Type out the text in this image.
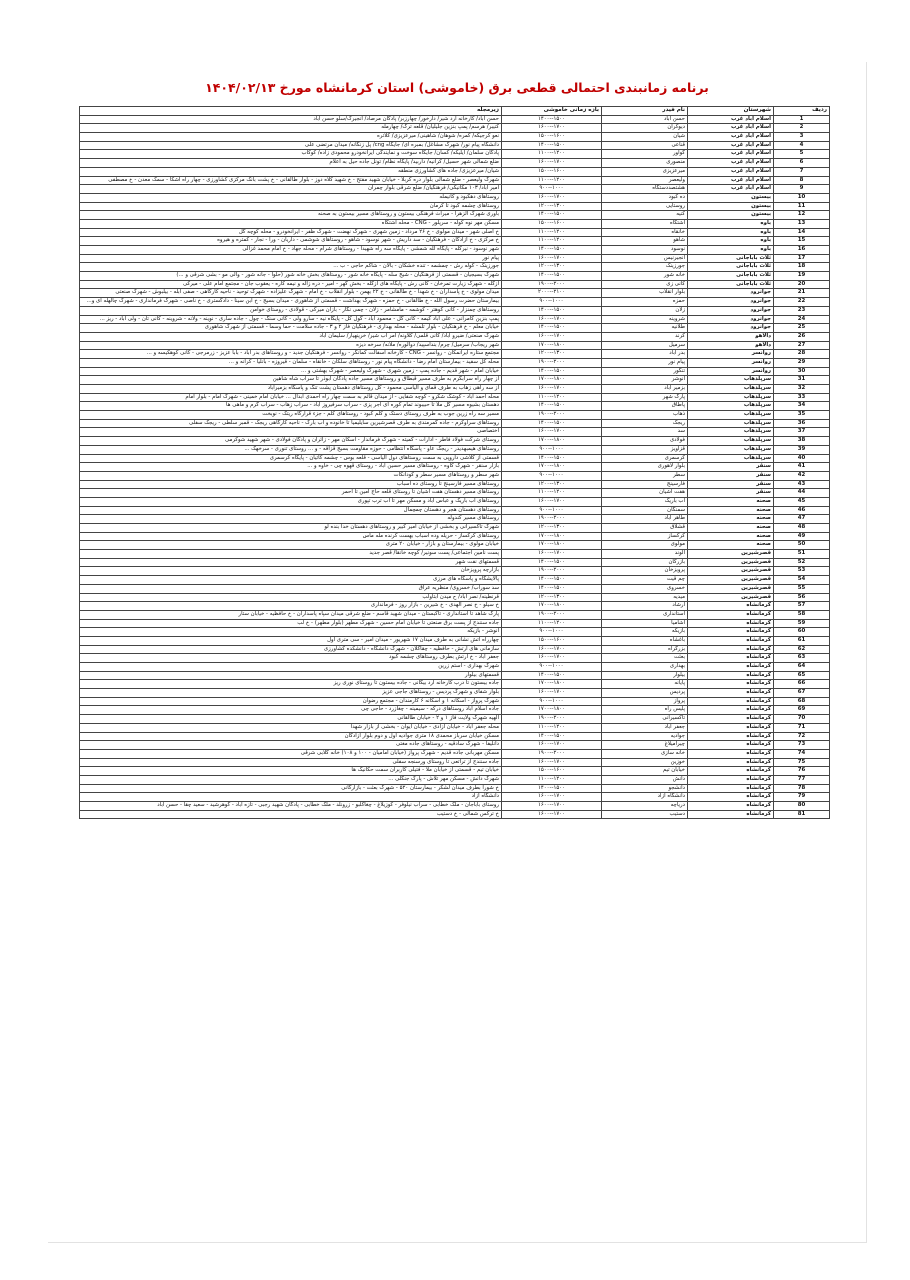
برنامه زمانبندی احتمالی قطعی برق (خاموشی) استان کرمانشاه مورخ ۱۴۰۴/۰۲/۱۳
ردیف	شهرستان	نام فیدر	بازه زمانی خاموشی	زیرمجله
1	اسلام آباد غرب	حسن آباد	۱۴۰۰--۱۵۰۰	حسن آباد/ کارخانه آرد شیر/ دارخور/ چهارزبر/ پادگان مرصاد/ انجیرک/سلو حسن آباد
2	اسلام آباد غرب	دیوکران	۱۶۰۰--۱۷۰۰	کنیبر/ هرسم/ پمپ بنزین جلیلیان/ قلعه ترک/ چهارمله
3	اسلام آباد غرب	شیان	۱۵۰۰--۱۶۰۰	نعو کرجیکه/ کمره/ شوهان/ شاهینی/ میرعزیزی/ کلاتره
4	اسلام آباد غرب	قناعی	۱۴۰۰--۱۵۰۰	دانشگاه پیام نور/ شهرک مشاغل/ بمبره ای/ جایگاه cng/ پل زنگانه/ میدان مرتضی علی
5	اسلام آباد غرب	گواور	۱۱۰۰--۱۲۰۰	پادگان سلمان/ ایلیکه/ کسان/ جایگاه سوخت و نمایندگی ایرانخودرو محمودی زاده/ کوکاب
6	اسلام آباد غرب	منصوری	۱۶۰۰--۱۷۰۰	ضلع شمالی شهر حسیل/ کرانیه/ داربید/ پایگاه نظام/ تونل جاده حیل به اعلام
7	اسلام آباد غرب	میرعزیزی	۱۵۰۰--۱۶۰۰	شیان/ میرعزیزی/ جاده های کشاورزی منطقه
8	اسلام آباد غرب	ولیعصر	۱۱۰۰--۱۲۰۰	شهرک ولیعصر - ضلع شمالی بلوار دره کربلا - خیابان شهید مفتح - خ شهید کلاه دوز - بلوار طالقانی - خ پشت بانک مرکزی کشاورزی - چهار راه اشکا - سمک معدن - خ مصطفی
9	اسلام آباد غرب	هشتصددستگاه	۹۰۰--۱۰۰۰	امیر آباد/ ۱۰۳ مکانیکی/ فرهنگیان/ ضلع شرقی بلوار چمران
10	بیستون	ده کبود	۱۶۰۰--۱۷۰۰	روستاهای دهکبود و کانیمله
11	بیستون	روستایی	۱۲۰۰--۱۳۰۰	روستاهای چشمه کبود تا کرمان
12	بیستون	کنیه	۱۴۰۰--۱۵۰۰	باوری شهرک الزهرا - میراث فرهنگی بیستون و روستاهای مسیر بیستون به صحنه
13	باوه	آشتگاه	۱۵۰۰--۱۶۰۰	مسکن مهر نوه کوله - سرپلور - CNG - محله آشتگاه
14	باوه	خانقاه	۱۱۰۰--۱۲۰۰	خ اصلی شهر - میدان مولوی - خ ۲۶ مرداد - زمین شهری - شهرک نهضت - شهرک ظفر - ایرانخودرو - محله کوچه گل
15	باوه	شاهو	۱۱۰۰--۱۲۰۰	خ مرکزی - خ آزادگان - فرهنگیان - سد داریش - شهر نوسود - شاهو - روستاهای شوشمی - داریان - ورا - نجار - کمتره و هیروه
16	باوه	نوسود	۱۴۰۰--۱۵۰۰	شهر نوسود - نیرکله - پایگاه لله شمشی - پایگاه سه راه شهیدا - روستاهای شرام - محله جهاد - خ امام محمد غزالی
17	ثلاث باباجانی	انجیرنیس	۱۶۰۰--۱۷۰۰	پیام نور
18	ثلاث باباجانی	جورزینک	۱۲۰۰--۱۳۰۰	جورزینک - کوله رش - چمشمه - تنده خشکان - بالان - شاکم حاجی - ب ...
19	ثلاث باباجانی	خانه شور	۱۴۰۰--۱۵۰۰	شهرک بسیجیان - قسمتی از فرهنگیان - شیخ سله - پایگاه خانه شور - روستاهای بخش خانه شور (حلوا - جانه شور - والی مو - بشی شرقی و ...)
20	ثلاث باباجانی	کانی زی	۱۹۰۰--۲۰۰۰	ازگله - شهرک زیارت تمرخان - کانی رش - پایگاه های ازگله - بخش گهر - امیر - دره زاله و نیمه کاره - یعقوب جان - مجتمع امام علی - میرکی
21	جوانرود	بلوار انقلاب	۲۰۰۰--۲۱۰۰	میدان مولوی - خ پاسداران - خ شهدا - خ طالقانی - خ ۲۲ بهمن - بلوار انقلاب - خ امام - شهرک علیزاده - شهرک توحید - ناحیه کارگاهی - صفی ابله - بیلبوش - شهرک صنعتی
22	جوانرود	حمزه	۹۰۰--۱۰۰۰	بیمارستان حضرت رسول الله - خ طالقانی - خ حمزه - شهرک بهداشت - قسمتی از شاهوری - میدان بسیج - خ ابن سینا - دادگستری - خ ناصی - شهرک فرمانداری - شهرک چالهله ای و...
23	جوانرود	زلان	۱۴۰۰--۱۵۰۰	روستاهای چمنزار - کانی کوهتر - کوشمه - مامشامر - زلان - چمی نگار - بازان میرکی - قولادی - روستای خوامن
24	جوانرود	شروینه	۱۶۰۰--۱۷۰۰	پمپ بنزین کامرانی - علی آباد کیمه - کانی گل - محمود آباد - گول کل - پایگاه نیه - سارو ولی - کانی سنگ - چول - جاده ساری - نوینه - ولانه - شروینه - کانی تان - ولی آباد - ریز ...
25	جوانرود	طلانیه	۱۴۰۰--۱۵۰۰	خیابان معلم - خ فرهنگیان - بلوار تلمشه - محله بهداری - فرهنگیان فاز ۲ و ۳ - جاده سلامت - حما وسما - قسمتی از شهرک شاهوری
26	دالاهو	کرند	۱۶۰۰--۱۷۰۰	شهرک صنعتی/ ضیرو آباد/ کانی قلمی/ کلاونه/ امر آب شیر/ خرینهیار/ سلیمان آباد
27	دالاهو	سرمیل	۱۷۰۰--۱۸۰۰	شهر ریجاب/ سرمیل/ چرم/ بنداسپید/ دوالوره/ ملانه/ سرخه دیزه
28	روانسر	بدر آباد	۱۲۰۰--۱۳۰۰	مجتمع ستاره ایرانمکان - روانسر - CNG - کارخانه آسفالت کمانگر - روانسر - فرهنگیان جدید - و روستاهای بدر آباد - بابا عزیز - زرمرجی - کانی کوهکیسه و ...
29	روانسر	پیام نور	۱۹۰۰--۲۰۰۰	محله کل سفید - بیمارستان امام رضا - دانشگاه پیام نور - روستاهای سلکان - خانقاه - سلمان - قیروزه - بانلیا - کرانه و ...
30	روانسر	تنگور	۱۴۰۰--۱۵۰۰	خیابان امام - شهر قدیم - جاده پمپ - زمین شهری - شهرک ولیعصر - شهرک بهشتی و ...
31	سرپلذهاب	انوشر	۱۷۰۰--۱۸۰۰	از چهار راه سرابگرم به طرف مسیر قبطاق و روستاهای مسیر جاده پادگان ابوذر تا سراب شاه شاهین
32	سرپلذهاب	بزمیر آباد	۱۶۰۰--۱۷۰۰	از سه راهی زهاب به طرف قمای و الیاسی محمود - کل روستاهای دهستان پشت تنگ و پاسگاه بزمیرآباد
33	سرپلذهاب	پارک شهر	۱۱۰۰--۱۲۰۰	محله احمد آباد - کوشک شکرو - کوچه شفایی - از میدان قائم به سمت چهار راه احمدی ابدال ... خیابان امام خمینی - شهرک امام - بلوار امام
34	سرپلذهاب	پاطاق	۱۴۰۰--۱۵۰۰	دهستان بشیوه مسیر گل ملا تا حبیبوند تمام کوره ای آجر پزی - سراب سرفیروز آباد - سراب زهاب - سراب گرم و ماهی ها
35	سرپلذهاب	ذهاب	۱۹۰۰--۲۰۰۰	مسیر سه راه زرین جوب به طرف روستای دستک و کلم کبود - روستاهای کلم - جزء قرارگاه ریتک - نوبخت
36	سرپلذهاب	ریجک	۱۴۰۰--۱۵۰۰	روستاهای سراوکرم - جاده گمرمندی به طرف قصرشیرین سایلیمیا تا خانوده و آب بارک - ناحیه کارگاهی ریجک - قمبر سلطی - ریجک سفلی
37	سرپلذهاب	سد	۱۶۰۰--۱۷۰۰	اختصاصی
38	سرپلذهاب	فولادی	۱۷۰۰--۱۸۰۰	روستای شرکت فولاد فاطر - ادارات - کمیته - شهرک فرماندار - اسکان مهر - زائران و پادگان فولادی - شهر شهید شوکرمی
39	سرپلذهاب	قزاویز	۹۰۰--۱۰۰۰	روستاهای هیمبهدیدر - ریجک عاو - پاسگاه انتظامی - حوزه مقاومت بسیج قزاقه - و ... روستای تنوری - سرخهک ...
40	سرپلذهاب	کرسمری	۱۴۰۰--۱۵۰۰	قسمتی از کلاشی داروپی به سمت روستاهای دول الیاسی - قلعه بوس - چشمه کاتیان - پایگاه کرسمری
41	سنقر	بلوار لاهوری	۱۷۰۰--۱۸۰۰	بازار سنقر - شهرک کاوه - روستاهای مسیر حسین آباد - روستای قهوه چی - خاوه و ...
42	سنقر	سطر	۹۰۰--۱۰۰۰	شهر سطر و روستاهای مسیر سطر و کودانکات
43	سنقر	فارسینج	۱۲۰۰--۱۳۰۰	روستاهای مسیر فارسینج تا روستای ده اسباب
44	سنقر	هفت آشیان	۱۱۰۰--۱۲۰۰	روستاهای مسیر دهستان هفت اشیان تا روستای قلعه حاج امین تا احمر
45	صحنه	آب باریک	۱۶۰۰--۱۷۰۰	روستاهای آب باریک و عباس آباد و مسکن مهر تا اب ترب تپوری
46	صحنه	سمنگان	۹۰۰--۱۰۰۰	روستاهای دهستان هجر و دهستان چمچمال
47	صحنه	طاهر آباد	۱۹۰۰--۲۰۰۰	روستاهای مسیر کندوله
48	صحنه	قشلاق	۱۲۰۰--۱۳۰۰	شهرک تاکسیرانی و بخشی از خیابان امیر کبیر و روستاهای دهستان خدا بنده لو
49	صحنه	کرکساز	۱۷۰۰--۱۸۰۰	روستاهای کرکساز - حریله وده اسباب بهست کرنده مله ماس
50	صحنه	مولوی	۱۷۰۰--۱۸۰۰	خیابان مولوی - بیمارستان و بازار - خیابان ۲۰ متری
51	قصرشیرین	الوند	۱۶۰۰--۱۷۰۰	پست نامین اجتماعی/ پست سونیر/ کوچه خانقا/ قصر جدید
52	قصرشیرین	بازرگان	۱۴۰۰--۱۵۰۰	قسمتهای نفت شهر
53	قصرشیرین	پرویزخان	۱۹۰۰--۲۰۰۰	بازارچه پرویزخان
54	قصرشیرین	چم قیت	۱۴۰۰--۱۵۰۰	پالایشگاه و پاسگاه های مرزی
55	قصرشیرین	خسروی	۱۴۰۰--۱۵۰۰	سد سوراب/ خسروی/ منظریه عراق
56	قصرشیرین	میدیه	۱۲۰۰--۱۳۰۰	قرنطینه/ نصر آباد/ ح میدن آبتاولب
57	کرمانشاه	ارشاد	۱۷۰۰--۱۸۰۰	خ سیلو - خ نصر الهدی - خ شیرین - بازار روز - فرمانداری
58	کرمانشاه	استانداری	۱۹۰۰--۲۰۰۰	پارک شاهد تا استانداری - تاکبستان - میدان شهید قاسم - ضلع شرقی میدان سپاه پاسداران - خ حافظیه - خیابان ستار
59	کرمانشاه	آشامیا	۱۱۰۰--۱۲۰۰	جاده سنندج از پست برق صنعتی تا خیابان امام حسین - شهرک مطهر (بلوار مطهر) - خ لب
60	کرمانشاه	بازیکه	۹۰۰--۱۰۰۰	انوشر - بازیکه
61	کرمانشاه	باغشاه	۱۵۰۰--۱۶۰۰	چهارراه آتش نشانی به طرف میدان ۱۷ شهریور - میدان امیر - سی متری اول
62	کرمانشاه	بزرگراه	۱۶۰۰--۱۷۰۰	سازمانی های ارتش - حافظیه - چقاکلان - شهرک دانشگاه - دانشکده کشاورزی
63	کرمانشاه	بعثت	۱۶۰۰--۱۷۰۰	جعفر آباد - خ ارتش بطرف روستاهای چشمه کبود
64	کرمانشاه	بهداری	۹۰۰--۱۰۰۰	شهرک بهداری - آستم زرین
65	کرمانشاه	بیلوار	۱۴۰۰--۱۵۰۰	قسمتهای بیلوار
66	کرمانشاه	پایانه	۱۷۰۰--۱۸۰۰	جاده بیستون تا درب کارخانه آرد بیگانی - جاده بیستون تا روستای نوری ریز
67	کرمانشاه	پردیس	۱۶۰۰--۱۷۰۰	بلوار شفای و شهرک پردیس - روستاهای جاجی عزیز
68	کرمانشاه	پرواز	۹۰۰--۱۰۰۰	شهرک پرواز - اسکانه ۱ و اسکانه ۶ کارمندان - مجتمع رضوان
69	کرمانشاه	پلیس راه	۱۷۰۰--۱۸۰۰	جاده اسلام آباد روستاهای درکه - سیمینه - چغازرد - حاجی چی
70	کرمانشاه	تاکسیرانی	۱۹۰۰--۲۰۰۰	الهیه شهرک ولایت فاز ۱ و ۲ - خیابان طالقانی
71	کرمانشاه	جعفر آباد	۱۱۰۰--۱۲۰۰	محله جعفر آباد - خیابان آزادی - خیابان ایوان - بخشی از بازار شهدا
72	کرمانشاه	جوادیه	۱۴۰۰--۱۵۰۰	مسکن خیابان سرباز محمدی ۱۸ متری جوادیه اول و دوم بلوار آزادگان
73	کرمانشاه	چیرامیلاغ	۱۶۰۰--۱۷۰۰	دانلیفا - شهرک سادقیه - روستاهای جاده مغتی
74	کرمانشاه	خانه سازی	۱۹۰۰--۲۰۰۰	مسکن مهربانی جاده قدیم - شهرک پرواز (خیابان امامیان - ۱۰۰ و ۱۰۸) خانه گلابی شرقی
75	کرمانشاه	خوزین	۱۶۰۰--۱۷۰۰	جاده سنندج از تراتعی تا روستای ورسنجه سفلی
76	کرمانشاه	خیابان تیم	۱۵۰۰--۱۶۰۰	خیابان تیم - قسمتی از خیابان ملا - فتیلی کاربران سمت حکانیک ها
77	کرمانشاه	دانش	۱۱۰۰--۱۲۰۰	شهرک دانش - مسکن مهر تلاش - پارک جنگلی ...
78	کرمانشاه	دانشجو	۱۴۰۰--۱۵۰۰	خ شورا بطرف میدان لشکر - بیمارستان ۵۲۰ - شهرک بعثت - بازارگانی
79	کرمانشاه	دانشگاه آزاد	۱۶۰۰--۱۷۰۰	دانشگاه آزاد
80	کرمانشاه	دریاچه	۱۶۰۰--۱۷۰۰	روستای باباجان - ملک خطابی - سراب نیلوفر - کوزیلاغ - چغاکلبو - زرونلد - ملک خطابی - پادگان شهید رجبی - تازه آباد - گوهرشید - سعید چقا - حسن آباد
81	کرمانشاه	دستیب	۱۶۰۰--۱۷۰۰	خ ترکس شمالی - خ دستیب
